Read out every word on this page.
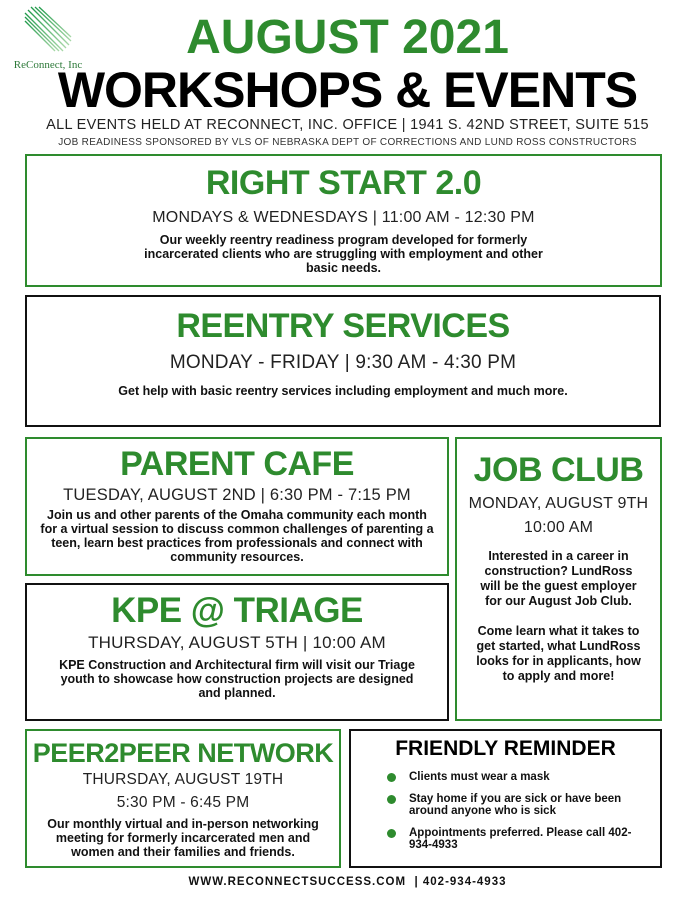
ReConnect, Inc
AUGUST 2021
WORKSHOPS & EVENTS
ALL EVENTS HELD AT RECONNECT, INC. OFFICE | 1941 S. 42ND STREET, SUITE 515
JOB READINESS SPONSORED BY VLS OF NEBRASKA DEPT OF CORRECTIONS AND LUND ROSS CONSTRUCTORS
RIGHT START 2.0
MONDAYS & WEDNESDAYS | 11:00 AM - 12:30 PM
Our weekly reentry readiness program developed for formerly incarcerated clients who are struggling with employment and other basic needs.
REENTRY SERVICES
MONDAY - FRIDAY | 9:30 AM - 4:30 PM
Get help with basic reentry services including employment and much more.
PARENT CAFE
TUESDAY, AUGUST 2ND | 6:30 PM - 7:15 PM
Join us and other parents of the Omaha community each month for a virtual session to discuss common challenges of parenting a teen, learn best practices from professionals and connect with community resources.
JOB CLUB
MONDAY, AUGUST 9TH
10:00 AM
Interested in a career in construction? LundRoss will be the guest employer for our August Job Club.
Come learn what it takes to get started, what LundRoss looks for in applicants, how to apply and more!
KPE @ TRIAGE
THURSDAY, AUGUST 5TH | 10:00 AM
KPE Construction and Architectural firm will visit our Triage youth to showcase how construction projects are designed and planned.
PEER2PEER NETWORK
THURSDAY, AUGUST 19TH
5:30 PM - 6:45 PM
Our monthly virtual and in-person networking meeting for formerly incarcerated men and women and their families and friends.
FRIENDLY REMINDER
Clients must wear a mask
Stay home if you are sick or have been around anyone who is sick
Appointments preferred. Please call 402-934-4933
WWW.RECONNECTSUCCESS.COM  | 402-934-4933
